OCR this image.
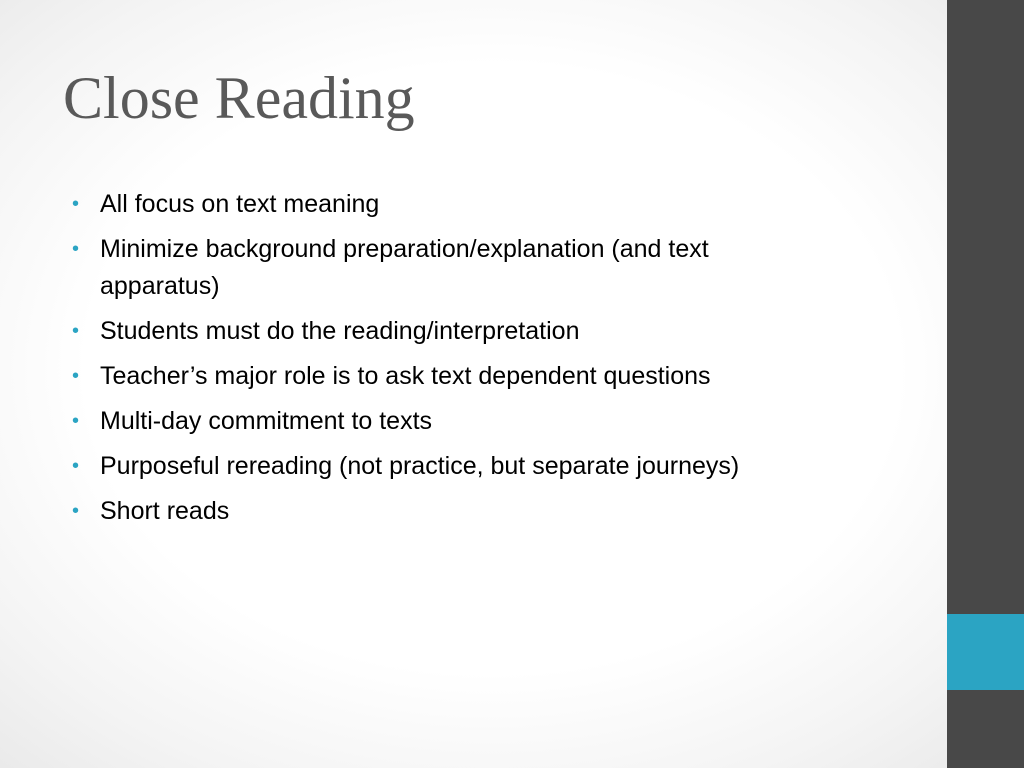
Close Reading
• All focus on text meaning
• Minimize background preparation/explanation (and text apparatus)
• Students must do the reading/interpretation
• Teacher’s major role is to ask text dependent questions
• Multi-day commitment to texts
• Purposeful rereading (not practice, but separate journeys)
• Short reads
